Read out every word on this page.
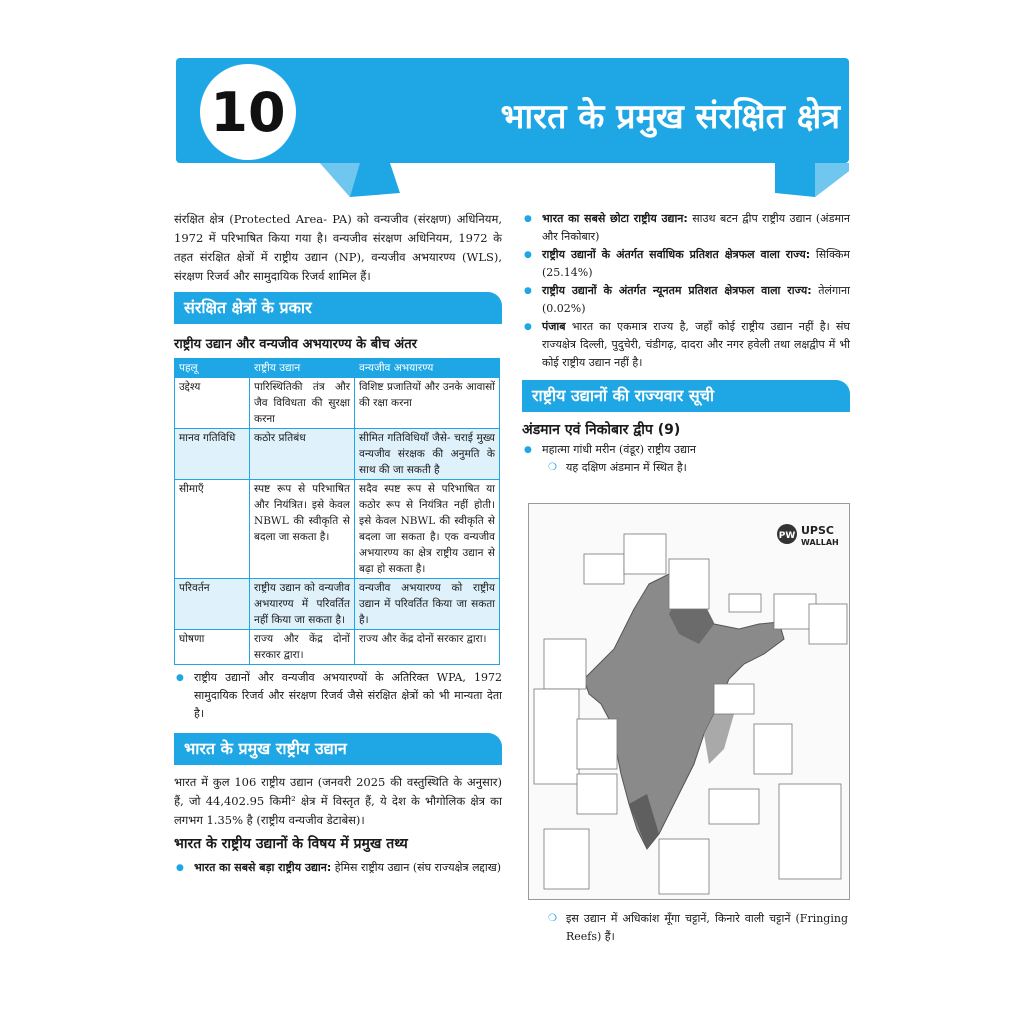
10	भारत के प्रमुख संरक्षित क्षेत्र

संरक्षित क्षेत्र (Protected Area- PA) को वन्यजीव (संरक्षण) अधिनियम, 1972 में परिभाषित किया गया है। वन्यजीव संरक्षण अधिनियम, 1972 के तहत संरक्षित क्षेत्रों में राष्ट्रीय उद्यान (NP), वन्यजीव अभयारण्य (WLS), संरक्षण रिजर्व और सामुदायिक रिजर्व शामिल हैं।

संरक्षित क्षेत्रों के प्रकार

राष्ट्रीय उद्यान और वन्यजीव अभयारण्य के बीच अंतर

पहलू	राष्ट्रीय उद्यान	वन्यजीव अभयारण्य
उद्देश्य	पारिस्थितिकी तंत्र और जैव विविधता की सुरक्षा करना	विशिष्ट प्रजातियों और उनके आवासों की रक्षा करना
मानव गतिविधि	कठोर प्रतिबंध	सीमित गतिविधियाँ जैसे- चराई मुख्य वन्यजीव संरक्षक की अनुमति के साथ की जा सकती है
सीमाएँ	स्पष्ट रूप से परिभाषित और नियंत्रित। इसे केवल NBWL की स्वीकृति से बदला जा सकता है।	सदैव स्पष्ट रूप से परिभाषित या कठोर रूप से नियंत्रित नहीं होती। इसे केवल NBWL की स्वीकृति से बदला जा सकता है। एक वन्यजीव अभयारण्य का क्षेत्र राष्ट्रीय उद्यान से बढ़ा हो सकता है।
परिवर्तन	राष्ट्रीय उद्यान को वन्यजीव अभयारण्य में परिवर्तित नहीं किया जा सकता है।	वन्यजीव अभयारण्य को राष्ट्रीय उद्यान में परिवर्तित किया जा सकता है।
घोषणा	राज्य और केंद्र दोनों सरकार द्वारा।	राज्य और केंद्र दोनों सरकार द्वारा।
● राष्ट्रीय उद्यानों और वन्यजीव अभयारण्यों के अतिरिक्त WPA, 1972 सामुदायिक रिजर्व और संरक्षण रिजर्व जैसे संरक्षित क्षेत्रों को भी मान्यता देता है।
भारत के प्रमुख राष्ट्रीय उद्यान

भारत में कुल 106 राष्ट्रीय उद्यान (जनवरी 2025 की वस्तुस्थिति के अनुसार) हैं, जो 44,402.95 किमी² क्षेत्र में विस्तृत हैं, ये देश के भौगोलिक क्षेत्र का लगभग 1.35% है (राष्ट्रीय वन्यजीव डेटाबेस)।

भारत के राष्ट्रीय उद्यानों के विषय में प्रमुख तथ्य

● भारत का सबसे बड़ा राष्ट्रीय उद्यान: हेमिस राष्ट्रीय उद्यान (संघ राज्यक्षेत्र लद्दाख)
● भारत का सबसे छोटा राष्ट्रीय उद्यान: साउथ बटन द्वीप राष्ट्रीय उद्यान (अंडमान और निकोबार)
● राष्ट्रीय उद्यानों के अंतर्गत सर्वाधिक प्रतिशत क्षेत्रफल वाला राज्य: सिक्किम (25.14%)
● राष्ट्रीय उद्यानों के अंतर्गत न्यूनतम प्रतिशत क्षेत्रफल वाला राज्य: तेलंगाना (0.02%)
● पंजाब भारत का एकमात्र राज्य है, जहाँ कोई राष्ट्रीय उद्यान नहीं है। संघ राज्यक्षेत्र दिल्ली, पुदुचेरी, चंडीगढ़, दादरा और नगर हवेली तथा लक्षद्वीप में भी कोई राष्ट्रीय उद्यान नहीं है।
राष्ट्रीय उद्यानों की राज्यवार सूची

अंडमान एवं निकोबार द्वीप (9)

● महात्मा गांधी मरीन (वंडूर) राष्ट्रीय उद्यान
❍ यह दक्षिण अंडमान में स्थित है।
PW UPSC
WALLAH
❍ इस उद्यान में अधिकांश मूँगा चट्टानें, किनारे वाली चट्टानें (Fringing Reefs) हैं।
